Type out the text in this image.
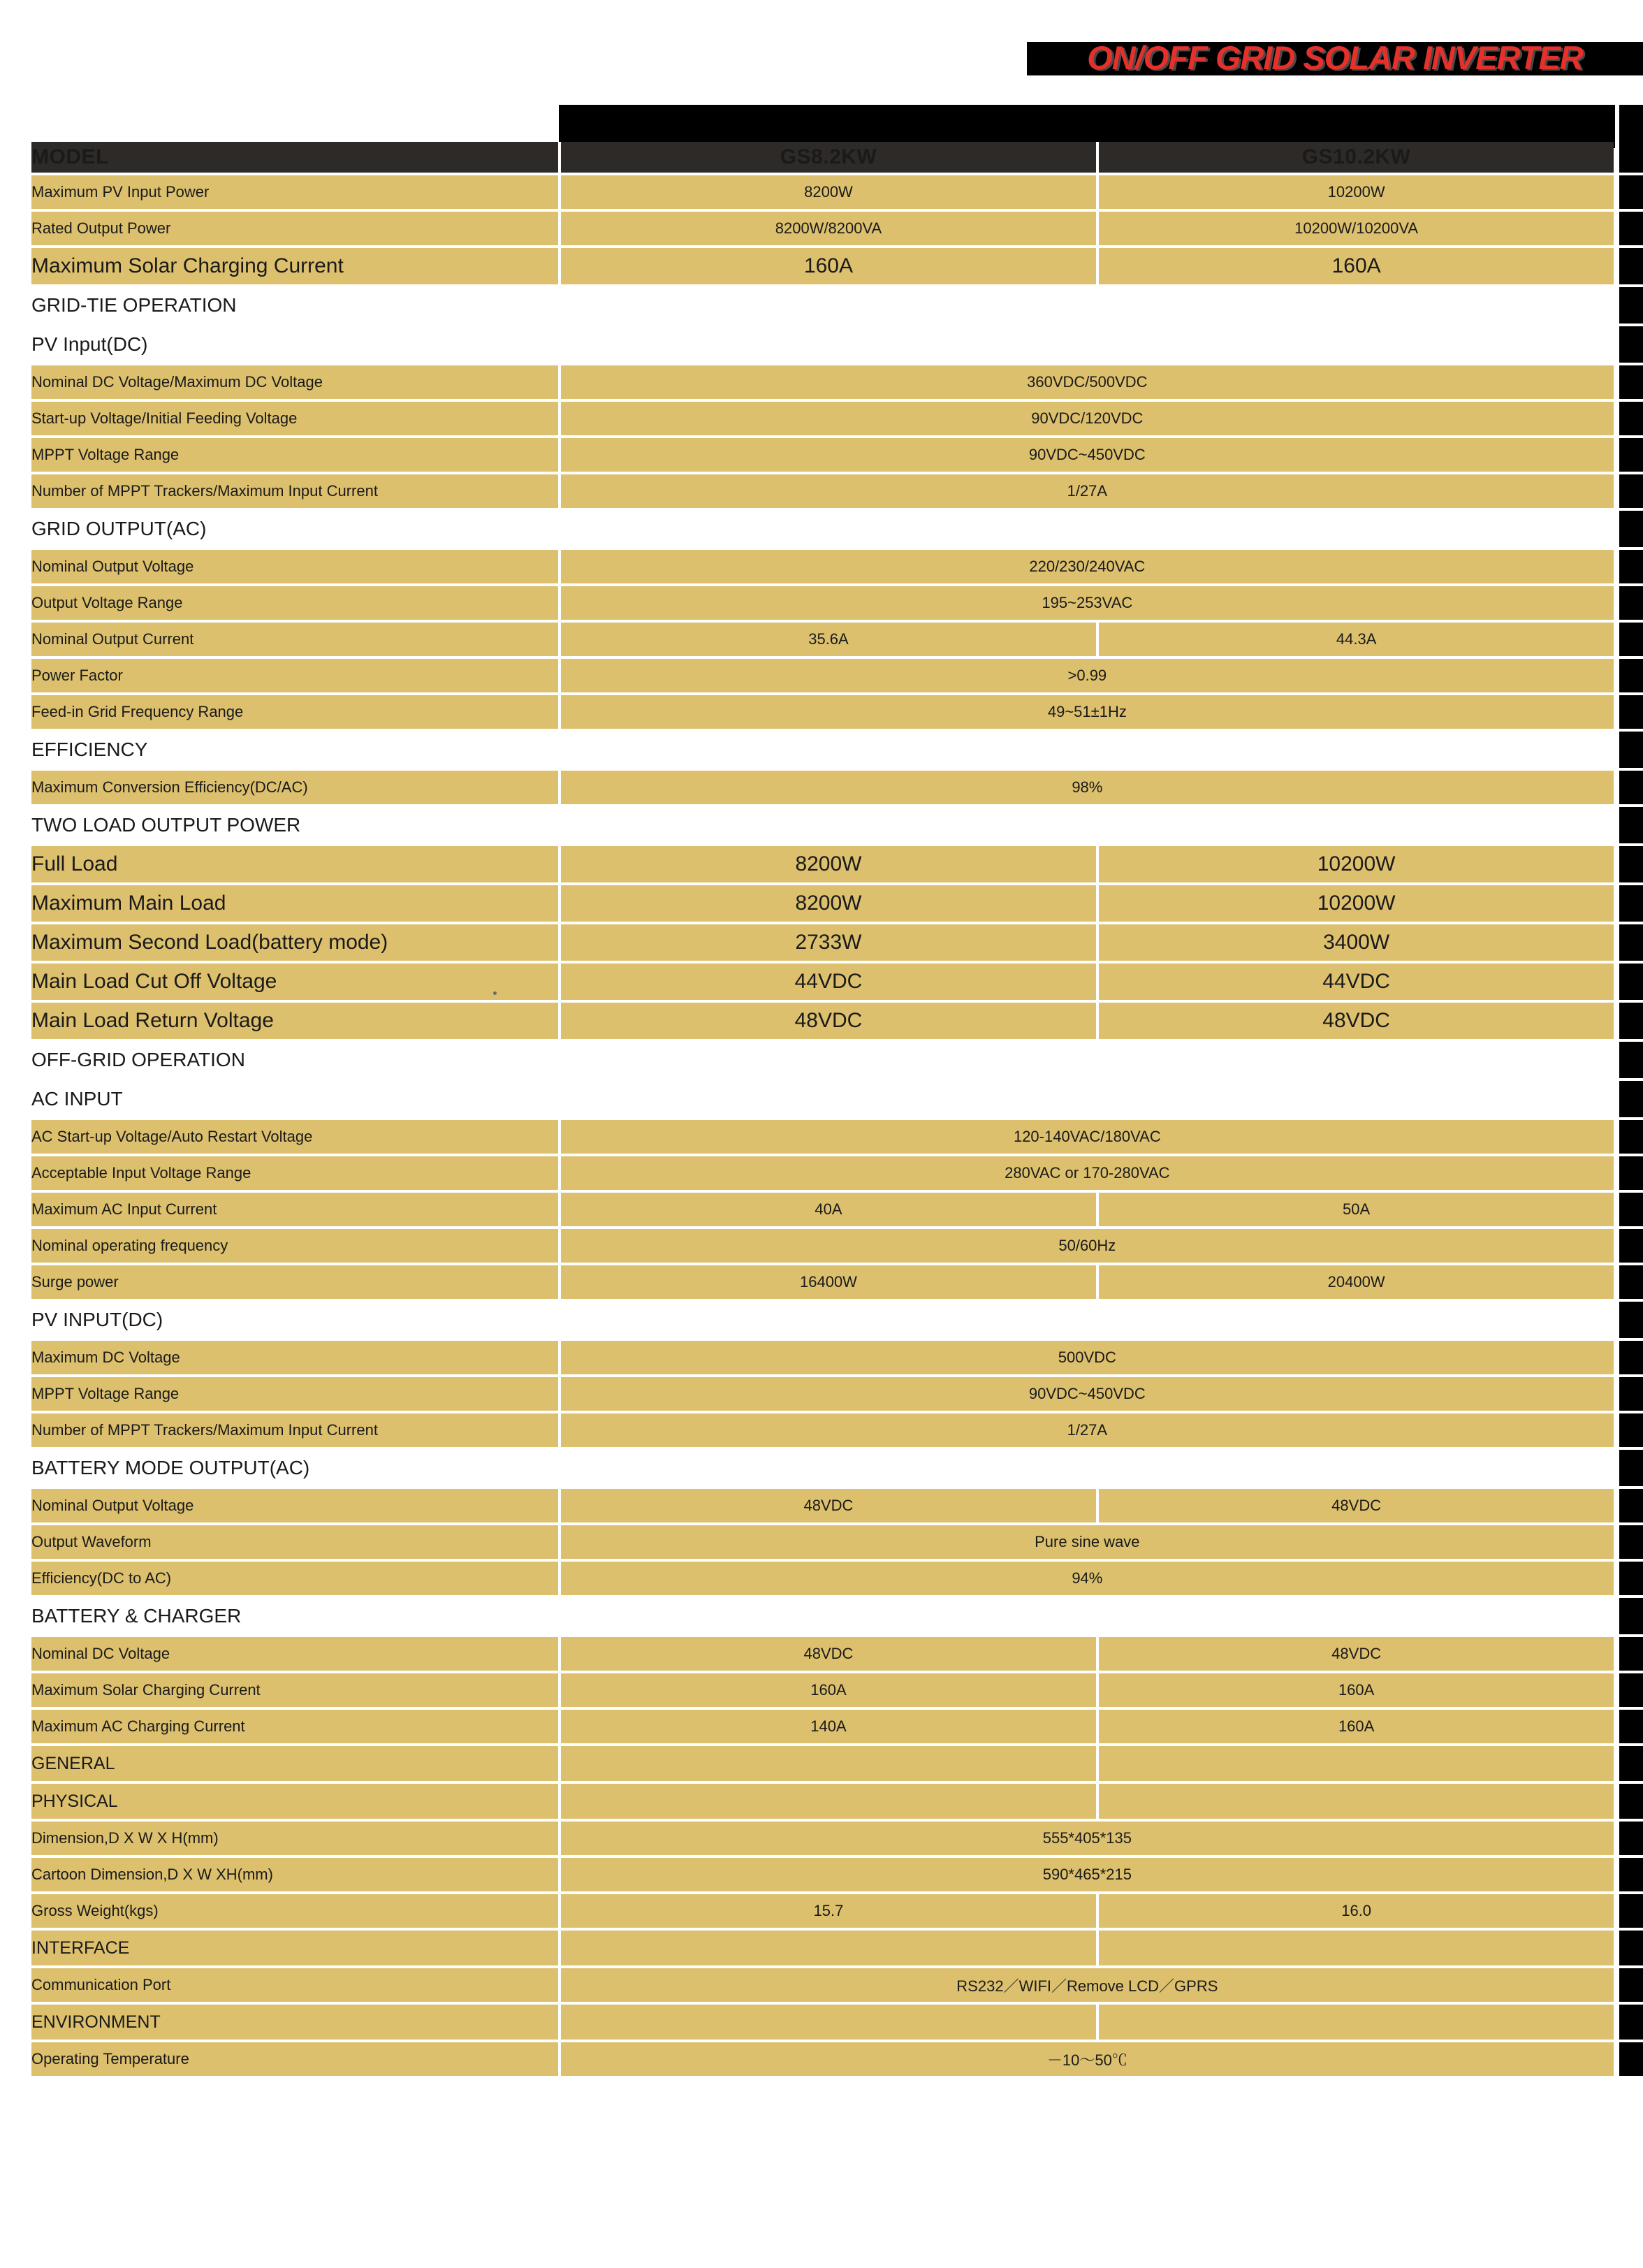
ON/OFF GRID SOLAR INVERTER
MODEL	GS8.2KW	GS10.2KW
Maximum PV Input Power	8200W	10200W
Rated Output Power	8200W/8200VA	10200W/10200VA
Maximum Solar Charging Current	160A	160A
GRID-TIE OPERATION		
PV Input(DC)		
Nominal DC Voltage/Maximum DC Voltage	360VDC/500VDC	
Start-up Voltage/Initial Feeding Voltage	90VDC/120VDC	
MPPT Voltage Range	90VDC~450VDC	
Number of MPPT Trackers/Maximum Input Current	1/27A	
GRID OUTPUT(AC)		
Nominal Output Voltage	220/230/240VAC	
Output Voltage Range	195~253VAC	
Nominal Output Current	35.6A	44.3A
Power Factor	>0.99	
Feed-in Grid Frequency Range	49~51±1Hz	
EFFICIENCY		
Maximum Conversion Efficiency(DC/AC)	98%	
TWO LOAD OUTPUT POWER		
Full Load	8200W	10200W
Maximum Main Load	8200W	10200W
Maximum Second Load(battery mode)	2733W	3400W
Main Load Cut Off Voltage	44VDC	44VDC
Main Load Return Voltage	48VDC	48VDC
OFF-GRID OPERATION		
AC INPUT		
AC Start-up Voltage/Auto Restart Voltage	120-140VAC/180VAC	
Acceptable Input Voltage Range	280VAC or 170-280VAC	
Maximum AC Input Current	40A	50A
Nominal operating frequency	50/60Hz	
Surge power	16400W	20400W
PV INPUT(DC)		
Maximum DC Voltage	500VDC	
MPPT Voltage Range	90VDC~450VDC	
Number of MPPT Trackers/Maximum Input Current	1/27A	
BATTERY MODE OUTPUT(AC)		
Nominal Output Voltage	48VDC	48VDC
Output Waveform	Pure sine wave	
Efficiency(DC to AC)	94%	
BATTERY & CHARGER		
Nominal DC Voltage	48VDC	48VDC
Maximum Solar Charging Current	160A	160A
Maximum AC Charging Current	140A	160A
GENERAL		
PHYSICAL		
Dimension,D X W X H(mm)	555*405*135	
Cartoon Dimension,D X W XH(mm)	590*465*215	
Gross Weight(kgs)	15.7	16.0
INTERFACE		
Communication Port	RS232／WIFI／Remove LCD／GPRS	
ENVIRONMENT		
Operating Temperature	－10～50℃	
